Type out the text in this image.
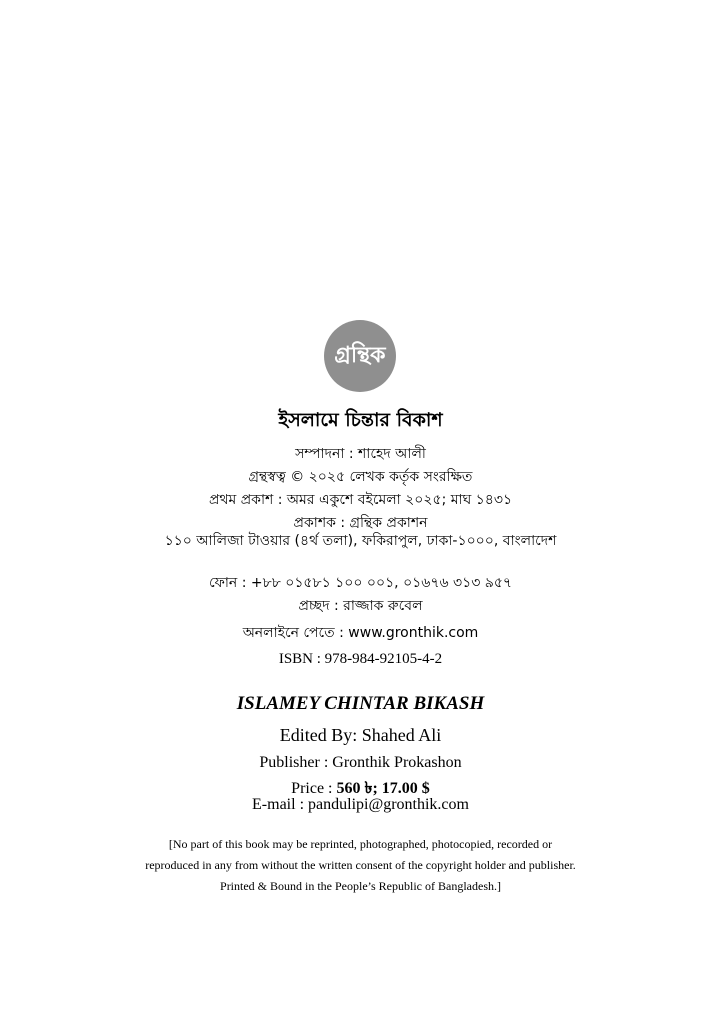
গ্রন্থিক
ইসলামে চিন্তার বিকাশ
সম্পাদনা : শাহেদ আলী
গ্রন্থস্বত্ব © ২০২৫ লেখক কর্তৃক সংরক্ষিত
প্রথম প্রকাশ : অমর একুশে বইমেলা ২০২৫; মাঘ ১৪৩১
প্রকাশক : গ্রন্থিক প্রকাশন
১১০ আলিজা টাওয়ার (৪র্থ তলা), ফকিরাপুল, ঢাকা-১০০০, বাংলাদেশ
ফোন : +৮৮ ০১৫৮১ ১০০ ০০১, ০১৬৭৬ ৩১৩ ৯৫৭
প্রচ্ছদ : রাজ্জাক রুবেল
অনলাইনে পেতে : www.gronthik.com
ISBN : 978-984-92105-4-2
ISLAMEY CHINTAR BIKASH
Edited By: Shahed Ali
Publisher : Gronthik Prokashon
Price : 560 ৳; 17.00 $
E-mail : pandulipi@gronthik.com
[No part of this book may be reprinted, photographed, photocopied, recorded or
reproduced in any from without the written consent of the copyright holder and publisher.
Printed & Bound in the People’s Republic of Bangladesh.]
